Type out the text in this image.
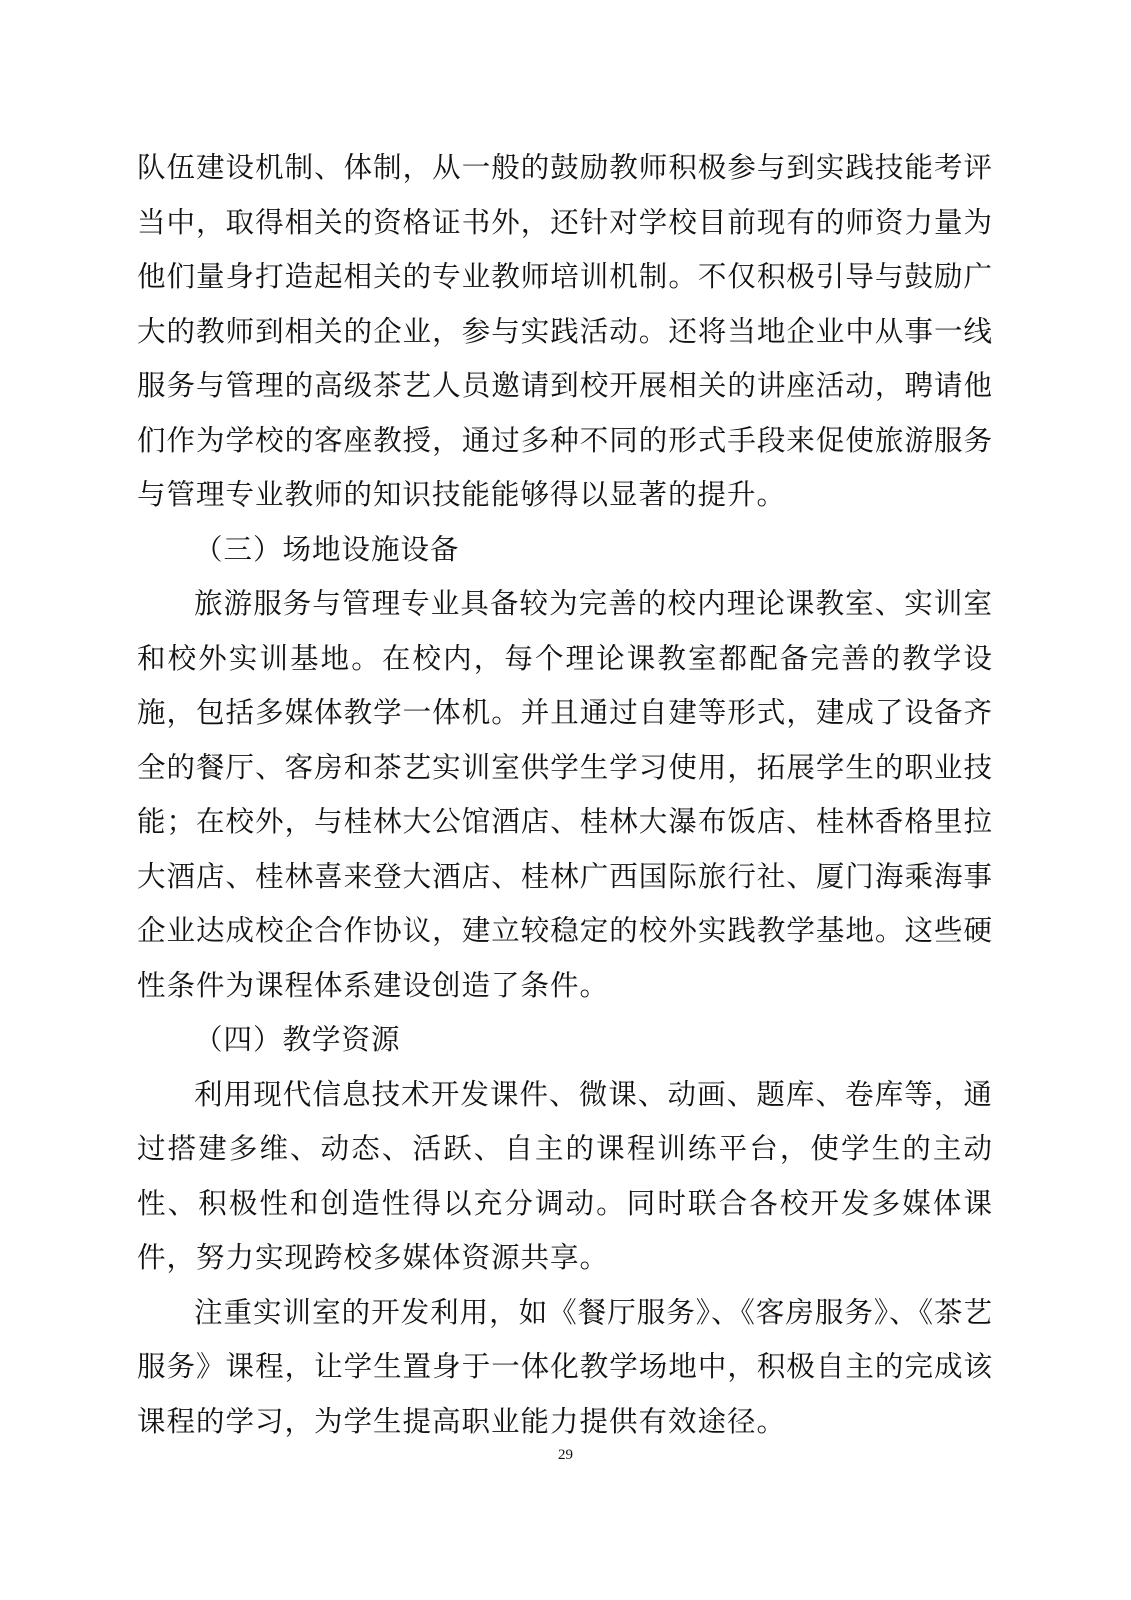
队伍建设机制、体制，从一般的鼓励教师积极参与到实践技能考评当中，取得相关的资格证书外，还针对学校目前现有的师资力量为他们量身打造起相关的专业教师培训机制。不仅积极引导与鼓励广大的教师到相关的企业，参与实践活动。还将当地企业中从事一线服务与管理的高级茶艺人员邀请到校开展相关的讲座活动，聘请他们作为学校的客座教授，通过多种不同的形式手段来促使旅游服务与管理专业教师的知识技能能够得以显著的提升。

（三）场地设施设备

旅游服务与管理专业具备较为完善的校内理论课教室、实训室和校外实训基地。在校内，每个理论课教室都配备完善的教学设施，包括多媒体教学一体机。并且通过自建等形式，建成了设备齐全的餐厅、客房和茶艺实训室供学生学习使用，拓展学生的职业技能；在校外，与桂林大公馆酒店、桂林大瀑布饭店、桂林香格里拉大酒店、桂林喜来登大酒店、桂林广西国际旅行社、厦门海乘海事企业达成校企合作协议，建立较稳定的校外实践教学基地。这些硬性条件为课程体系建设创造了条件。

（四）教学资源

利用现代信息技术开发课件、微课、动画、题库、卷库等，通过搭建多维、动态、活跃、自主的课程训练平台，使学生的主动性、积极性和创造性得以充分调动。同时联合各校开发多媒体课件，努力实现跨校多媒体资源共享。

注重实训室的开发利用，如《餐厅服务》、《客房服务》、《茶艺服务》课程，让学生置身于一体化教学场地中，积极自主的完成该课程的学习，为学生提高职业能力提供有效途径。

29
